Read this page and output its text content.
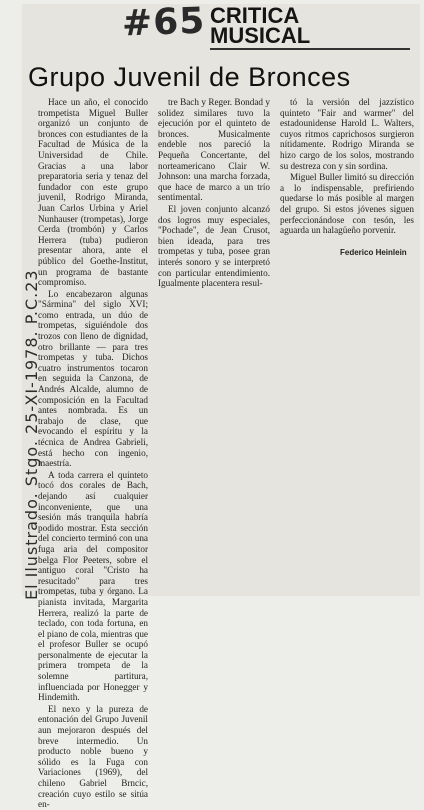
#65 CRITICA
MUSICAL
Grupo Juvenil de Bronces

Hace un año, el conocido trompetista Miguel Buller organizó un conjunto de bronces con estudiantes de la Facultad de Música de la Universidad de Chile. Gracias a una labor preparatoria seria y tenaz del fundador con este grupo juvenil, Rodrigo Miranda, Juan Carlos Urbina y Ariel Nunhauser (trompetas), Jorge Cerda (trombón) y Carlos Herrera (tuba) pudieron presentar ahora, ante el público del Goethe-Institut, un programa de bastante compromiso.

Lo encabezaron algunas "Sármina" del siglo XVI; como entrada, un dúo de trompetas, siguiéndole dos trozos con lleno de dignidad, otro brillante — para tres trompetas y tuba. Dichos cuatro instrumentos tocaron en seguida la Canzona, de Andrés Alcalde, alumno de composición en la Facultad antes nombrada. Es un trabajo de clase, que evocando el espíritu y la técnica de Andrea Gabrieli, está hecho con ingenio, maestría.

A toda carrera el quinteto tocó dos corales de Bach, dejando así cualquier inconveniente, que una sesión más tranquila habría podido mostrar. Esta sección del concierto terminó con una fuga aria del compositor belga Flor Peeters, sobre el antiguo coral "Cristo ha resucitado" para tres trompetas, tuba y órgano. La pianista invitada, Margarita Herrera, realizó la parte de teclado, con toda fortuna, en el piano de cola, mientras que el profesor Buller se ocupó personalmente de ejecutar la primera trompeta de la solemne partitura, influenciada por Honegger y Hindemith.

El nexo y la pureza de entonación del Grupo Juvenil aun mejoraron después del breve intermedio. Un producto noble bueno y sólido es la Fuga con Variaciones (1969), del chileno Gabriel Brncic, creación cuyo estilo se sitúa en-

tre Bach y Reger. Bondad y solidez similares tuvo la ejecución por el quinteto de bronces. Musicalmente endeble nos pareció la Pequeña Concertante, del norteamericano Clair W. Johnson: una marcha forzada, que hace de marco a un trío sentimental.

El joven conjunto alcanzó dos logros muy especiales, "Pochade", de Jean Crusot, bien ideada, para tres trompetas y tuba, posee gran interés sonoro y se interpretó con particular entendimiento. Igualmente placentera resul-

tó la versión del jazzístico quinteto "Fair and warmer" del estadounidense Harold L. Walters, cuyos ritmos caprichosos surgieron nítidamente. Rodrigo Miranda se hizo cargo de los solos, mostrando su destreza con y sin sordina.

Miguel Buller limitó su dirección a lo indispensable, prefiriendo quedarse lo más posible al margen del grupo. Si estos jóvenes siguen perfeccionándose con tesón, les aguarda un halagüeño porvenir.

Federico Heinlein
El Ilustrado. Stgo. 25-XI-1978. P.C.23
